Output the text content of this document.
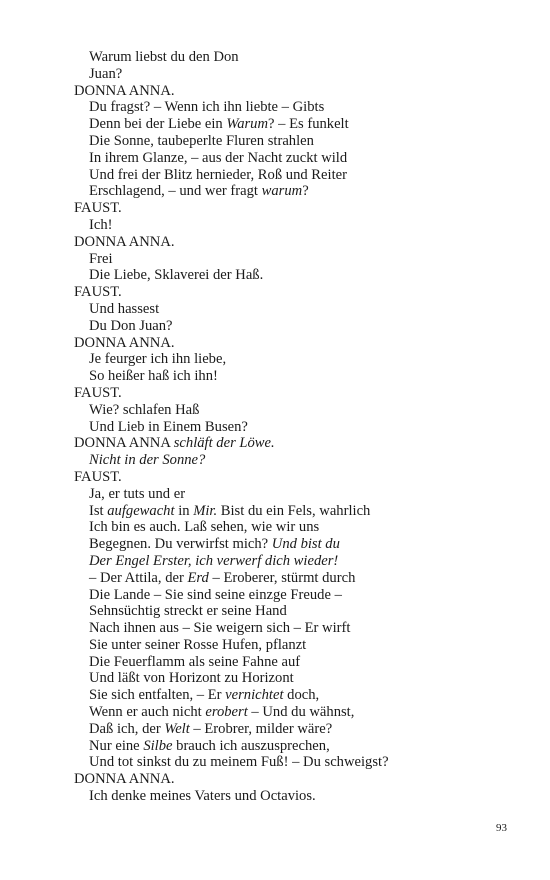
Warum liebst du den Don
Juan?
DONNA ANNA.
Du fragst? – Wenn ich ihn liebte – Gibts
Denn bei der Liebe ein Warum? – Es funkelt
Die Sonne, taubeperlte Fluren strahlen
In ihrem Glanze, – aus der Nacht zuckt wild
Und frei der Blitz hernieder, Roß und Reiter
Erschlagend, – und wer fragt warum?
FAUST.
Ich!
DONNA ANNA.
Frei
Die Liebe, Sklaverei der Haß.
FAUST.
Und hassest
Du Don Juan?
DONNA ANNA.
Je feurger ich ihn liebe,
So heißer haß ich ihn!
FAUST.
Wie? schlafen Haß
Und Lieb in Einem Busen?
DONNA ANNA schläft der Löwe.
Nicht in der Sonne?
FAUST.
Ja, er tuts und er
Ist aufgewacht in Mir. Bist du ein Fels, wahrlich
Ich bin es auch. Laß sehen, wie wir uns
Begegnen. Du verwirfst mich? Und bist du
Der Engel Erster, ich verwerf dich wieder!
– Der Attila, der Erd – Eroberer, stürmt durch
Die Lande – Sie sind seine einzge Freude –
Sehnsüchtig streckt er seine Hand
Nach ihnen aus – Sie weigern sich – Er wirft
Sie unter seiner Rosse Hufen, pflanzt
Die Feuerflamm als seine Fahne auf
Und läßt von Horizont zu Horizont
Sie sich entfalten, – Er vernichtet doch,
Wenn er auch nicht erobert – Und du wähnst,
Daß ich, der Welt – Erobrer, milder wäre?
Nur eine Silbe brauch ich auszusprechen,
Und tot sinkst du zu meinem Fuß! – Du schweigst?
DONNA ANNA.
Ich denke meines Vaters und Octavios.
93
